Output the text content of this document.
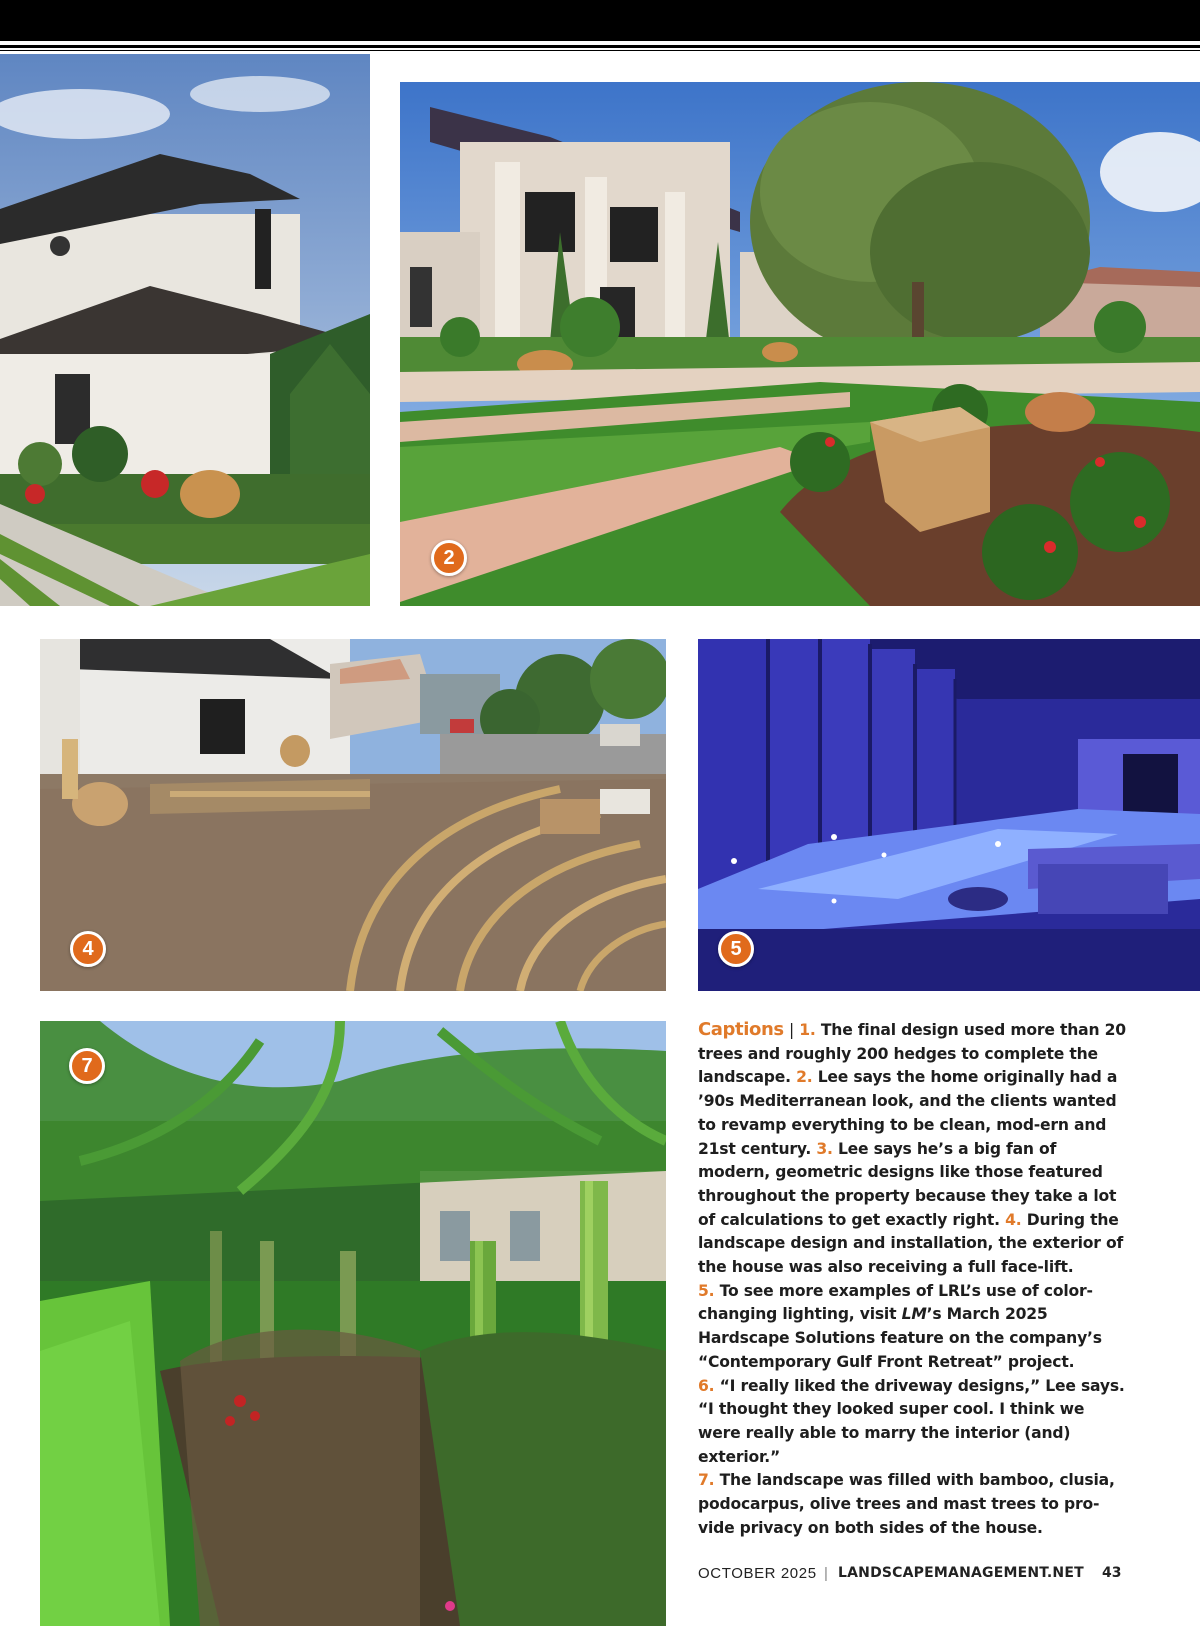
2
4	5
7
Captions | 1. The final design used more than 20 trees and roughly 200 hedges to complete the landscape. 2. Lee says the home originally had a ’90s Mediterranean look, and the clients wanted to revamp everything to be clean, mod-ern and 21st century. 3. Lee says he’s a big fan of modern, geometric designs like those featured throughout the property because they take a lot of calculations to get exactly right. 4. During the landscape design and installation, the exterior of the house was also receiving a full face-lift.
5. To see more examples of LRL’s use of color-changing lighting, visit LM’s March 2025 Hardscape Solutions feature on the company’s “Contemporary Gulf Front Retreat” project.
6. “I really liked the driveway designs,” Lee says. “I thought they looked super cool. I think we were really able to marry the interior (and) exterior.”
7. The landscape was filled with bamboo, clusia, podocarpus, olive trees and mast trees to pro-vide privacy on both sides of the house.
OCTOBER 2025 | LANDSCAPEMANAGEMENT.NET 43
